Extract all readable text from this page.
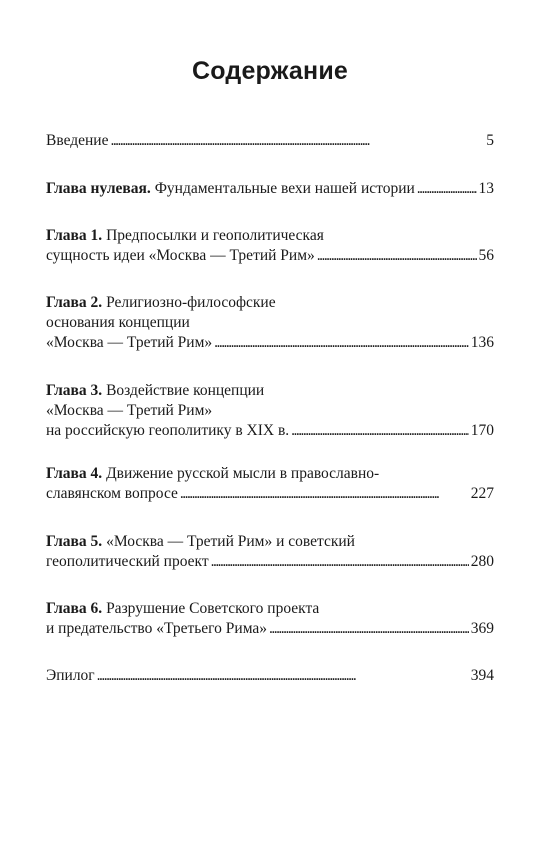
Содержание
Введение . . .	5
Глава нулевая. Фундаментальные вехи нашей истории . . .	13
Глава 1. Предпосылки и геополитическая
сущность идеи «Москва — Третий Рим» . . .	56
Глава 2. Религиозно-философские
основания концепции
«Москва — Третий Рим» . . .	136
Глава 3. Воздействие концепции
«Москва — Третий Рим»
на российскую геополитику в XIX в. . . .	170
Глава 4. Движение русской мысли в православно-
славянском вопросе . . .	227
Глава 5. «Москва — Третий Рим» и советский
геополитический проект . . .	280
Глава 6. Разрушение Советского проекта
и предательство «Третьего Рима» . . .	369
Эпилог . . .	394
